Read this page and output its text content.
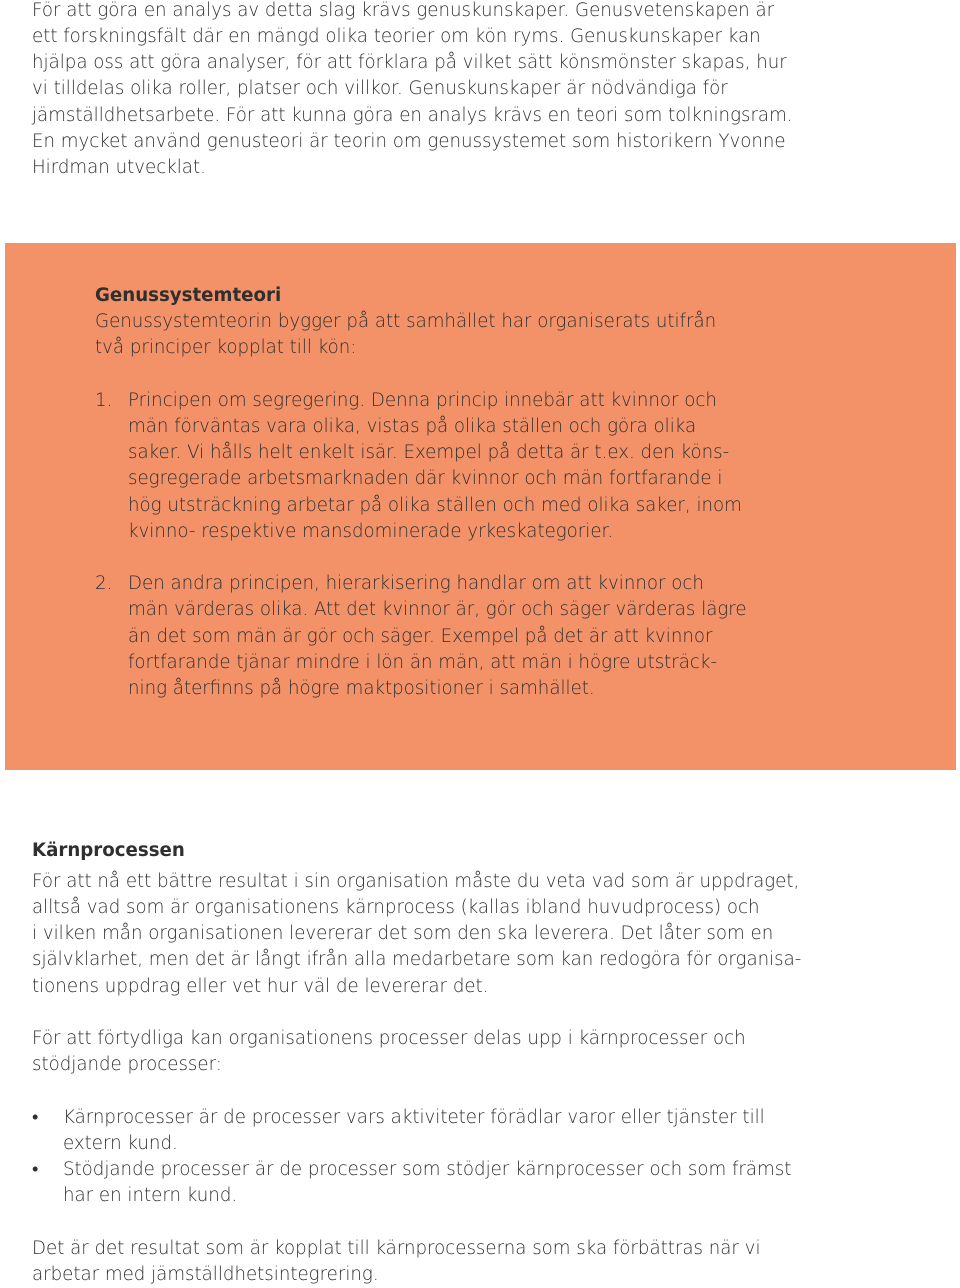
För att göra en analys av detta slag krävs genuskunskaper. Genusvetenskapen är
ett forskningsfält där en mängd olika teorier om kön ryms. Genuskunskaper kan
hjälpa oss att göra analyser, för att förklara på vilket sätt könsmönster skapas, hur
vi tilldelas olika roller, platser och villkor. Genuskunskaper är nödvändiga för
jämställdhetsarbete. För att kunna göra en analys krävs en teori som tolkningsram.
En mycket använd genusteori är teorin om genussystemet som historikern Yvonne
Hirdman utvecklat.
Genussystemteori
Genussystemteorin bygger på att samhället har organiserats utifrån
två principer kopplat till kön:
1. Principen om segregering. Denna princip innebär att kvinnor och
män förväntas vara olika, vistas på olika ställen och göra olika
saker. Vi hålls helt enkelt isär. Exempel på detta är t.ex. den köns-
segregerade arbetsmarknaden där kvinnor och män fortfarande i
hög utsträckning arbetar på olika ställen och med olika saker, inom
kvinno- respektive mansdominerade yrkeskategorier.
2. Den andra principen, hierarkisering handlar om att kvinnor och
män värderas olika. Att det kvinnor är, gör och säger värderas lägre
än det som män är gör och säger. Exempel på det är att kvinnor
fortfarande tjänar mindre i lön än män, att män i högre utsträck-
ning återfinns på högre maktpositioner i samhället.
Kärnprocessen
För att nå ett bättre resultat i sin organisation måste du veta vad som är uppdraget,
alltså vad som är organisationens kärnprocess (kallas ibland huvudprocess) och
i vilken mån organisationen levererar det som den ska leverera. Det låter som en
självklarhet, men det är långt ifrån alla medarbetare som kan redogöra för organisa-
tionens uppdrag eller vet hur väl de levererar det.
För att förtydliga kan organisationens processer delas upp i kärnprocesser och
stödjande processer:
• Kärnprocesser är de processer vars aktiviteter förädlar varor eller tjänster till
extern kund.
• Stödjande processer är de processer som stödjer kärnprocesser och som främst
har en intern kund.
Det är det resultat som är kopplat till kärnprocesserna som ska förbättras när vi
arbetar med jämställdhetsintegrering.
